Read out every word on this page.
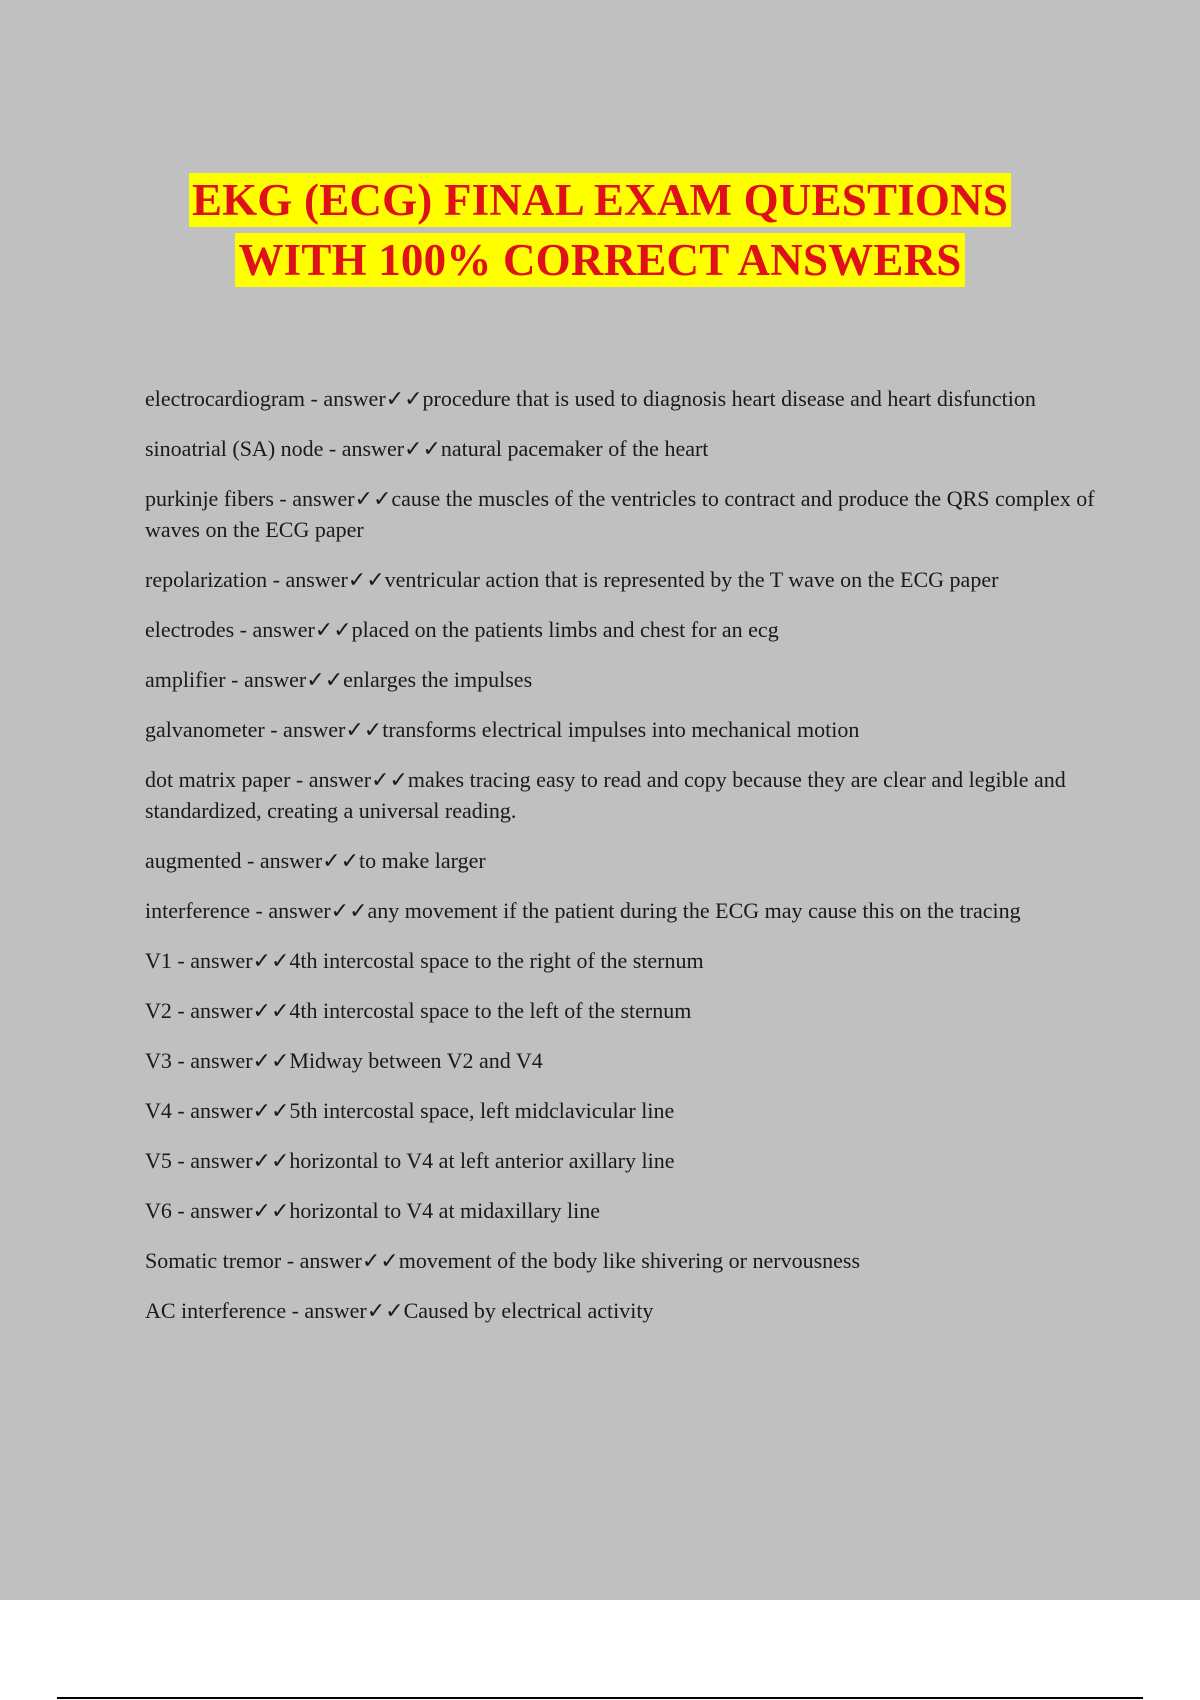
EKG (ECG) FINAL EXAM QUESTIONS
WITH 100% CORRECT ANSWERS
electrocardiogram - answer✓✓procedure that is used to diagnosis heart disease and heart disfunction
sinoatrial (SA) node - answer✓✓natural pacemaker of the heart
purkinje fibers - answer✓✓cause the muscles of the ventricles to contract and produce the QRS complex of waves on the ECG paper
repolarization - answer✓✓ventricular action that is represented by the T wave on the ECG paper
electrodes - answer✓✓placed on the patients limbs and chest for an ecg
amplifier - answer✓✓enlarges the impulses
galvanometer - answer✓✓transforms electrical impulses into mechanical motion
dot matrix paper - answer✓✓makes tracing easy to read and copy because they are clear and legible and standardized, creating a universal reading.
augmented - answer✓✓to make larger
interference - answer✓✓any movement if the patient during the ECG may cause this on the tracing
V1 - answer✓✓4th intercostal space to the right of the sternum
V2 - answer✓✓4th intercostal space to the left of the sternum
V3 - answer✓✓Midway between V2 and V4
V4 - answer✓✓5th intercostal space, left midclavicular line
V5 - answer✓✓horizontal to V4 at left anterior axillary line
V6 - answer✓✓horizontal to V4 at midaxillary line
Somatic tremor - answer✓✓movement of the body like shivering or nervousness
AC interference - answer✓✓Caused by electrical activity
